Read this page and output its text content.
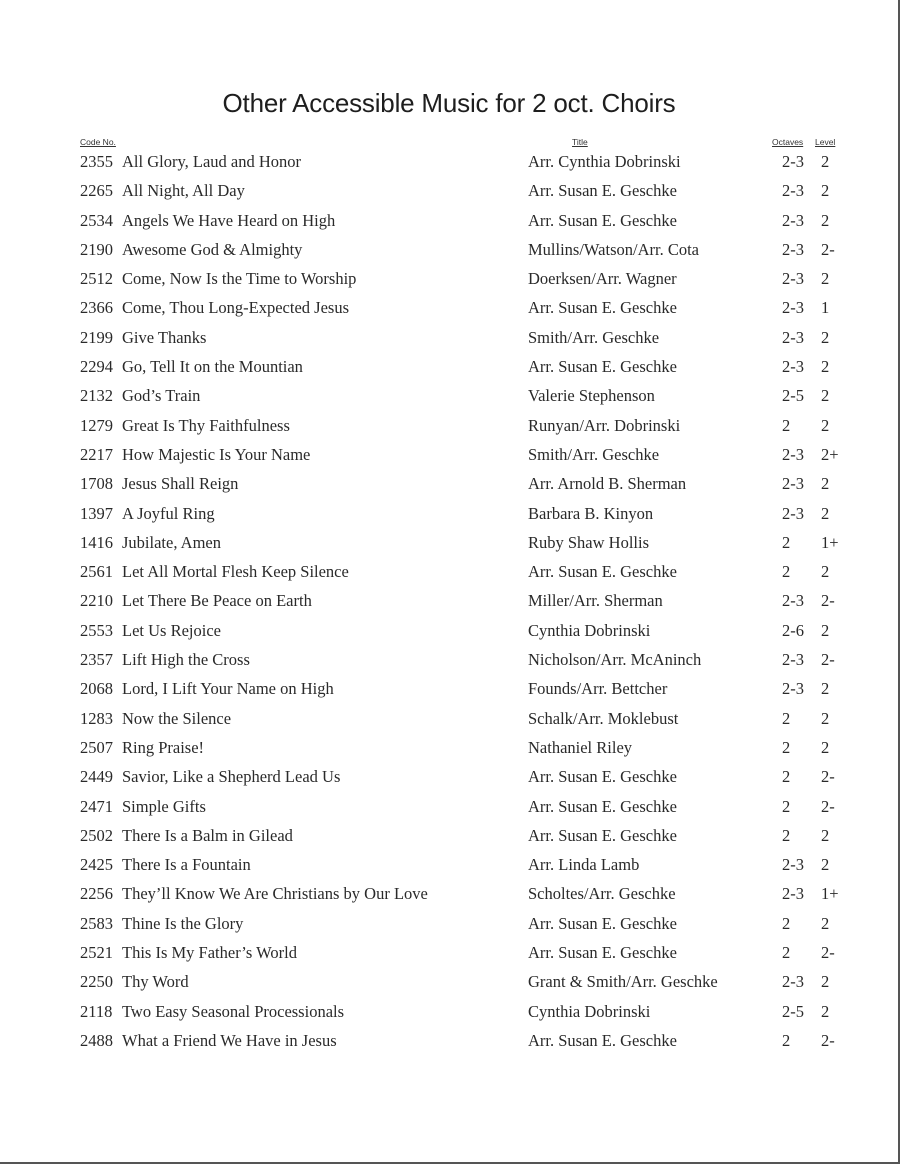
Other Accessible Music for 2 oct. Choirs
Code No.	Title	Octaves Level
2355 All Glory, Laud and Honor	Arr. Cynthia Dobrinski	2-3 2
2265 All Night, All Day	Arr. Susan E. Geschke	2-3 2
2534 Angels We Have Heard on High	Arr. Susan E. Geschke	2-3 2
2190 Awesome God & Almighty	Mullins/Watson/Arr. Cota	2-3 2-
2512 Come, Now Is the Time to Worship	Doerksen/Arr. Wagner	2-3 2
2366 Come, Thou Long-Expected Jesus	Arr. Susan E. Geschke	2-3 1
2199 Give Thanks	Smith/Arr. Geschke	2-3 2
2294 Go, Tell It on the Mountian	Arr. Susan E. Geschke	2-3 2
2132 God’s Train	Valerie Stephenson	2-5 2
1279 Great Is Thy Faithfulness	Runyan/Arr. Dobrinski	2 2
2217 How Majestic Is Your Name	Smith/Arr. Geschke	2-3 2+
1708 Jesus Shall Reign	Arr. Arnold B. Sherman	2-3 2
1397 A Joyful Ring	Barbara B. Kinyon	2-3 2
1416 Jubilate, Amen	Ruby Shaw Hollis	2 1+
2561 Let All Mortal Flesh Keep Silence	Arr. Susan E. Geschke	2 2
2210 Let There Be Peace on Earth	Miller/Arr. Sherman	2-3 2-
2553 Let Us Rejoice	Cynthia Dobrinski	2-6 2
2357 Lift High the Cross	Nicholson/Arr. McAninch	2-3 2-
2068 Lord, I Lift Your Name on High	Founds/Arr. Bettcher	2-3 2
1283 Now the Silence	Schalk/Arr. Moklebust	2 2
2507 Ring Praise!	Nathaniel Riley	2 2
2449 Savior, Like a Shepherd Lead Us	Arr. Susan E. Geschke	2 2-
2471 Simple Gifts	Arr. Susan E. Geschke	2 2-
2502 There Is a Balm in Gilead	Arr. Susan E. Geschke	2 2
2425 There Is a Fountain	Arr. Linda Lamb	2-3 2
2256 They’ll Know We Are Christians by Our Love	Scholtes/Arr. Geschke	2-3 1+
2583 Thine Is the Glory	Arr. Susan E. Geschke	2 2
2521 This Is My Father’s World	Arr. Susan E. Geschke	2 2-
2250 Thy Word	Grant & Smith/Arr. Geschke	2-3 2
2118 Two Easy Seasonal Processionals	Cynthia Dobrinski	2-5 2
2488 What a Friend We Have in Jesus	Arr. Susan E. Geschke	2 2-
